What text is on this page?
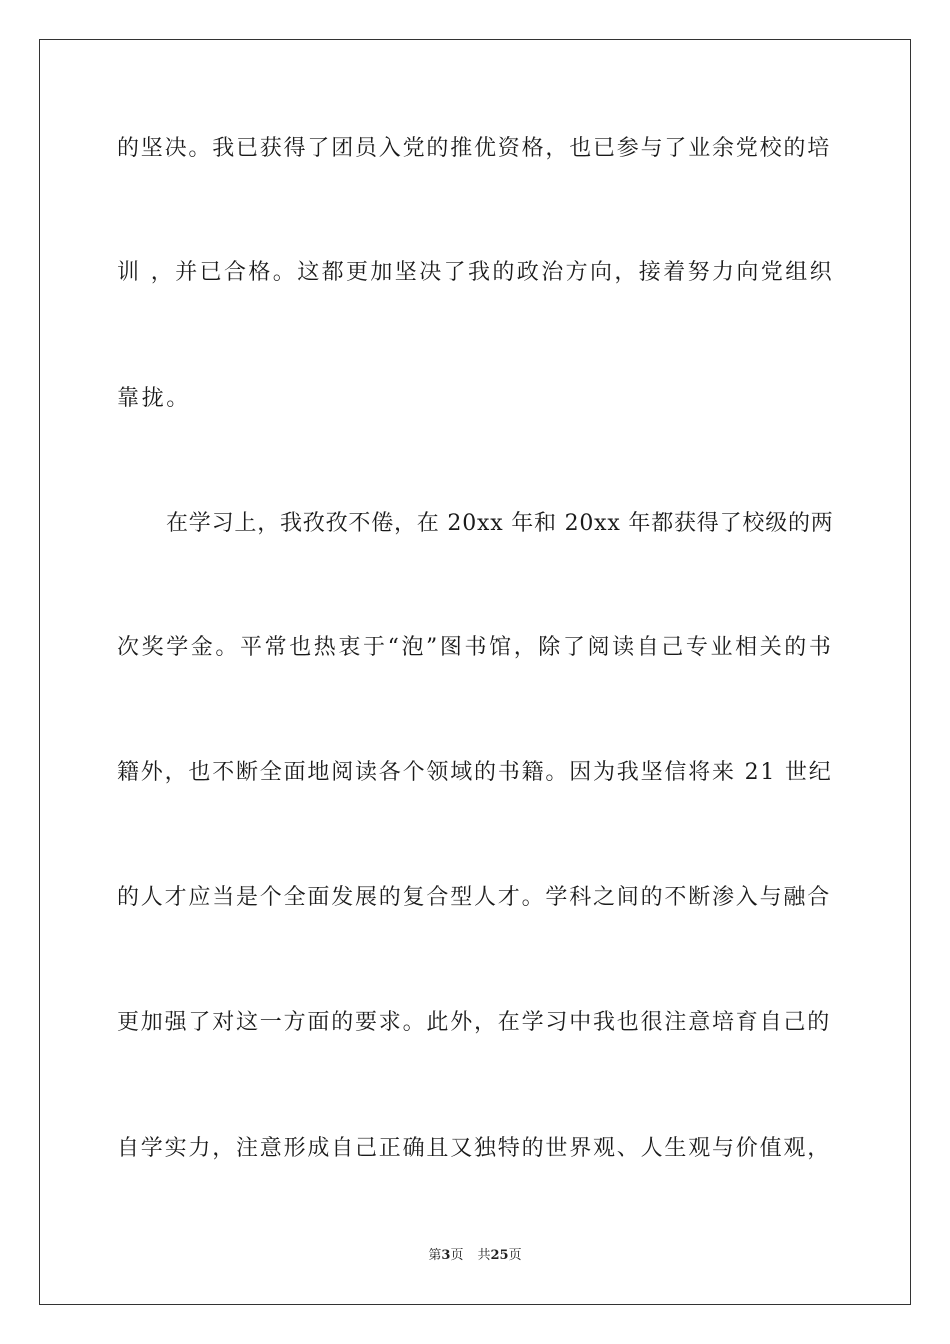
的坚决。我已获得了团员入党的推优资格，也已参与了业余党校的培
训 ，并已合格。这都更加坚决了我的政治方向，接着努力向党组织
靠拢。
在学习上，我孜孜不倦，在 20xx 年和 20xx 年都获得了校级的两
次奖学金。平常也热衷于“泡”图书馆，除了阅读自己专业相关的书
籍外，也不断全面地阅读各个领域的书籍。因为我坚信将来 21 世纪
的人才应当是个全面发展的复合型人才。学科之间的不断渗入与融合
更加强了对这一方面的要求。此外，在学习中我也很注意培育自己的
自学实力，注意形成自己正确且又独特的世界观、人生观与价值观，
第3页 共25页
